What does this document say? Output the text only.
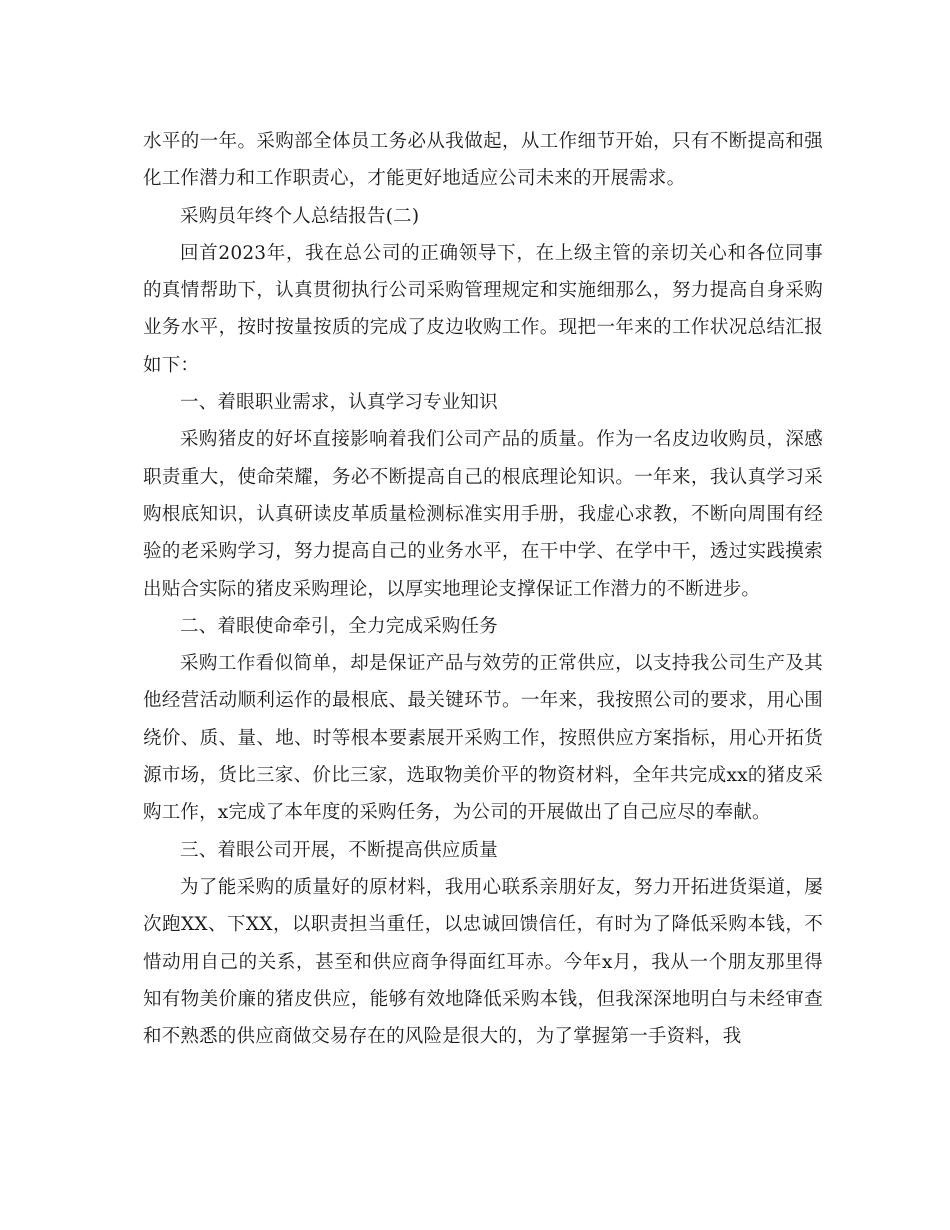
水平的一年。采购部全体员工务必从我做起，从工作细节开始，只有不断提高和强化工作潜力和工作职责心，才能更好地适应公司未来的开展需求。

采购员年终个人总结报告(二)

回首2023年，我在总公司的正确领导下，在上级主管的亲切关心和各位同事的真情帮助下，认真贯彻执行公司采购管理规定和实施细那么，努力提高自身采购业务水平，按时按量按质的完成了皮边收购工作。现把一年来的工作状况总结汇报如下：

一、着眼职业需求，认真学习专业知识

采购猪皮的好坏直接影响着我们公司产品的质量。作为一名皮边收购员，深感职责重大，使命荣耀，务必不断提高自己的根底理论知识。一年来，我认真学习采购根底知识，认真研读皮革质量检测标准实用手册，我虚心求教，不断向周围有经验的老采购学习，努力提高自己的业务水平，在干中学、在学中干，透过实践摸索出贴合实际的猪皮采购理论，以厚实地理论支撑保证工作潜力的不断进步。

二、着眼使命牵引，全力完成采购任务

采购工作看似简单，却是保证产品与效劳的正常供应，以支持我公司生产及其他经营活动顺利运作的最根底、最关键环节。一年来，我按照公司的要求，用心围绕价、质、量、地、时等根本要素展开采购工作，按照供应方案指标，用心开拓货源市场，货比三家、价比三家，选取物美价平的物资材料，全年共完成xx的猪皮采购工作，x完成了本年度的采购任务，为公司的开展做出了自己应尽的奉献。

三、着眼公司开展，不断提高供应质量

为了能采购的质量好的原材料，我用心联系亲朋好友，努力开拓进货渠道，屡次跑XX、下XX，以职责担当重任，以忠诚回馈信任，有时为了降低采购本钱，不惜动用自己的关系，甚至和供应商争得面红耳赤。今年x月，我从一个朋友那里得知有物美价廉的猪皮供应，能够有效地降低采购本钱，但我深深地明白与未经审查和不熟悉的供应商做交易存在的风险是很大的，为了掌握第一手资料，我
